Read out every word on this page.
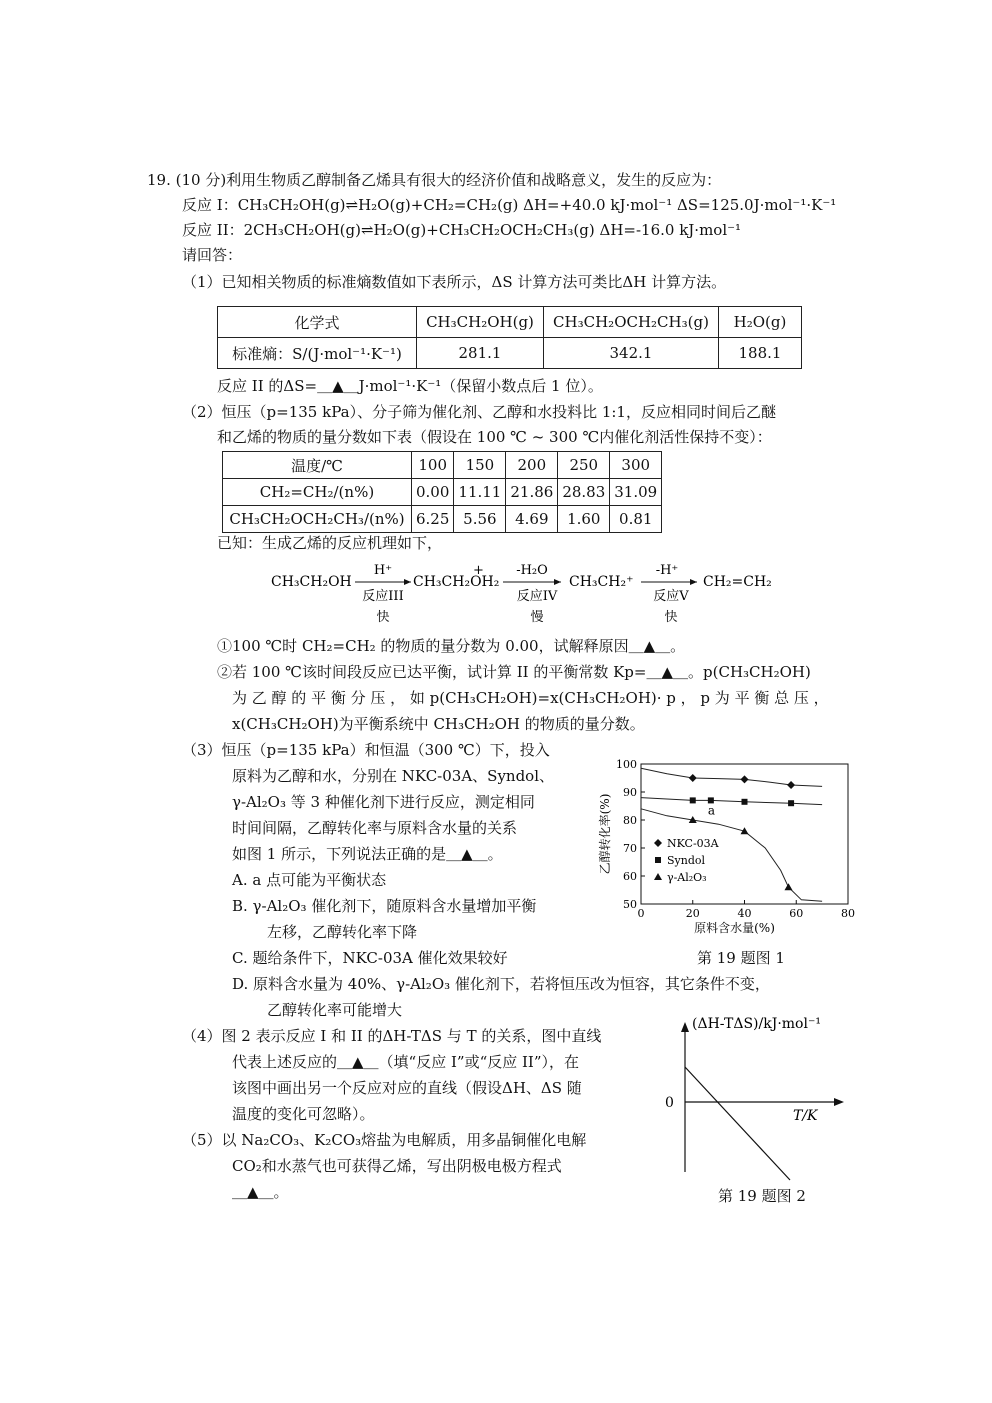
19. (10 分)利用生物质乙醇制备乙烯具有很大的经济价值和战略意义，发生的反应为：
反应 I：CH₃CH₂OH(g)⇌H₂O(g)+CH₂=CH₂(g) ΔH=+40.0 kJ·mol⁻¹ ΔS=125.0J·mol⁻¹·K⁻¹
反应 II：2CH₃CH₂OH(g)⇌H₂O(g)+CH₃CH₂OCH₂CH₃(g) ΔH=-16.0 kJ·mol⁻¹
请回答：
（1）已知相关物质的标准熵数值如下表所示，ΔS 计算方法可类比ΔH 计算方法。
化学式	CH₃CH₂OH(g)	CH₃CH₂OCH₂CH₃(g)	H₂O(g)
标准熵：S/(J·mol⁻¹·K⁻¹)	281.1	342.1	188.1
反应 II 的ΔS=＿▲＿J·mol⁻¹·K⁻¹（保留小数点后 1 位）。
（2）恒压（p=135 kPa）、分子筛为催化剂、乙醇和水投料比 1:1，反应相同时间后乙醚
和乙烯的物质的量分数如下表（假设在 100 ℃ ~ 300 ℃内催化剂活性保持不变）：
温度/℃	100	150	200	250	300
CH₂=CH₂/(n%)	0.00	11.11	21.86	28.83	31.09
CH₃CH₂OCH₂CH₃/(n%)	6.25	5.56	4.69	1.60	0.81
已知：生成乙烯的反应机理如下，
CH₃CH₂OH
H⁺
反应III
快
CH₃CH₂OH₂
+ -H₂O
反应IV
慢
CH₃CH₂⁺
-H⁺
反应V
快
CH₂=CH₂
①100 ℃时 CH₂=CH₂ 的物质的量分数为 0.00，试解释原因＿▲＿。
②若 100 ℃该时间段反应已达平衡，试计算 II 的平衡常数 Kp=＿▲＿。p(CH₃CH₂OH)
为 乙 醇 的 平 衡 分 压 ， 如 p(CH₃CH₂OH)=x(CH₃CH₂OH)· p ， p 为 平 衡 总 压 ，
x(CH₃CH₂OH)为平衡系统中 CH₃CH₂OH 的物质的量分数。
（3）恒压（p=135 kPa）和恒温（300 ℃）下，投入
原料为乙醇和水，分别在 NKC-03A、Syndol、
γ-Al₂O₃ 等 3 种催化剂下进行反应，测定相同
时间间隔，乙醇转化率与原料含水量的关系
如图 1 所示，下列说法正确的是＿▲＿。
A. a 点可能为平衡状态
B. γ-Al₂O₃ 催化剂下，随原料含水量增加平衡
左移，乙醇转化率下降
C. 题给条件下，NKC-03A 催化效果较好
D. 原料含水量为 40%、γ-Al₂O₃ 催化剂下，若将恒压改为恒容，其它条件不变，
乙醇转化率可能增大
0	20	40	60	80
50
60
70
80
90
100
NKC-03A
Syndol
γ-Al₂O₃
原料含水量(%)
乙醇转化率(%)	a
第 19 题图 1
（4）图 2 表示反应 I 和 II 的ΔH-TΔS 与 T 的关系，图中直线
代表上述反应的＿▲＿（填“反应 I”或“反应 II”），在
该图中画出另一个反应对应的直线（假设ΔH、ΔS 随
温度的变化可忽略）。
（5）以 Na₂CO₃、K₂CO₃熔盐为电解质，用多晶铜催化电解
CO₂和水蒸气也可获得乙烯，写出阴极电极方程式
＿▲＿。
(ΔH-TΔS)/kJ·mol⁻¹
0
T/K
第 19 题图 2
